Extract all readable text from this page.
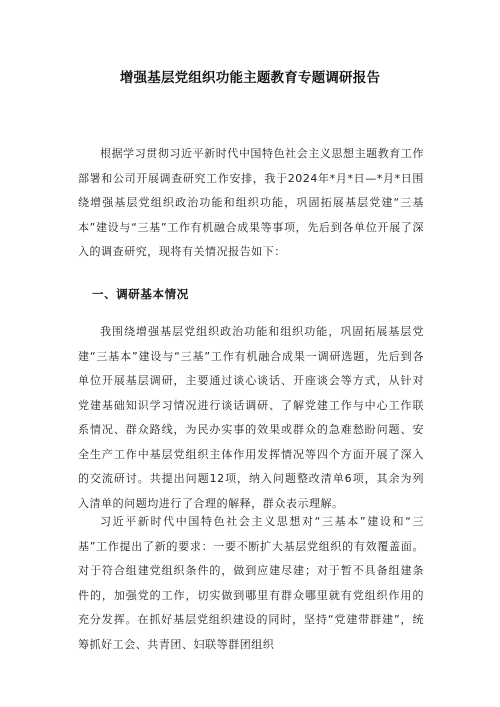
增强基层党组织功能主题教育专题调研报告
根据学习贯彻习近平新时代中国特色社会主义思想主题教育工作部署和公司开展调查研究工作安排，我于2024年*月*日—*月*日围绕增强基层党组织政治功能和组织功能，巩固拓展基层党建“三基本”建设与“三基”工作有机融合成果等事项，先后到各单位开展了深入的调查研究，现将有关情况报告如下：
一、调研基本情况
我围绕增强基层党组织政治功能和组织功能，巩固拓展基层党建“三基本”建设与“三基”工作有机融合成果一调研选题，先后到各单位开展基层调研，主要通过谈心谈话、开座谈会等方式，从针对党建基础知识学习情况进行谈话调研、了解党建工作与中心工作联系情况、群众路线，为民办实事的效果或群众的急难愁盼问题、安全生产工作中基层党组织主体作用发挥情况等四个方面开展了深入的交流研讨。共提出问题12项，纳入问题整改清单6项，其余为列入清单的问题均进行了合理的解释，群众表示理解。
习近平新时代中国特色社会主义思想对“三基本”建设和“三基”工作提出了新的要求：一要不断扩大基层党组织的有效覆盖面。对于符合组建党组织条件的，做到应建尽建；对于暂不具备组建条件的，加强党的工作，切实做到哪里有群众哪里就有党组织作用的充分发挥。在抓好基层党组织建设的同时，坚持“党建带群建”，统筹抓好工会、共青团、妇联等群团组织
